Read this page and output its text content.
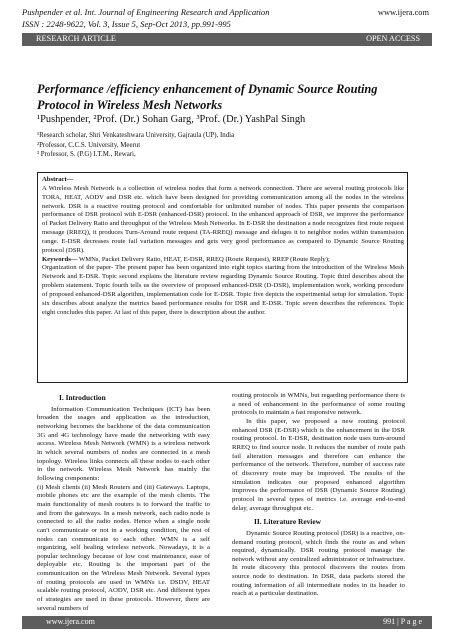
Pushpender et al. Int. Journal of Engineering Research and Application
ISSN : 2248-9622, Vol. 3, Issue 5, Sep-Oct 2013, pp.991-995
www.ijera.com
RESEARCH ARTICLE	OPEN ACCESS
Performance /efficiency enhancement of Dynamic Source Routing Protocol in Wireless Mesh Networks
¹Pushpender, ²Prof. (Dr.) Sohan Garg, ³Prof. (Dr.) YashPal Singh
¹Research scholar, Shri Venkateshwara University, Gajraula (UP), India
²Professor, C.C.S. University, Meerut
³ Professor, S. (P.G) I.T.M., Rewari,

Abstract—

A Wireless Mesh Network is a collection of wireless nodes that form a network connection. There are several routing protocols like TORA, HEAT, AODV and DSR etc. which have been designed for providing communication among all the nodes in the wireless network. DSR is a reactive routing protocol and comfortable for unlimited number of nodes. This paper presents the comparison performance of DSR protocol with E-DSR (enhanced-DSR) protocol. In the enhanced approach of DSR, we improve the performance of Packet Delivery Ratio and throughput of the Wireless Mesh Networks. In E-DSR the destination a node recognizes first route request message (RREQ), it produces Turn-Around route request (TA-RREQ) message and deluges it to neighbor nodes within transmission range. E-DSR decreases route fail variation messages and gets very good performance as compared to Dynamic Source Routing protocol (DSR).

Keywords— WMNs, Packet Delivery Ratio, HEAT, E-DSR, RREQ (Route Request), RREP (Route Reply);

Organization of the paper- The present paper has been organized into eight topics starting from the introduction of the Wireless Mesh Network and E-DSR. Topic second explains the literature review regarding Dynamic Source Routing. Topic third describes about the problem statement. Topic fourth tells us the overview of proposed enhanced-DSR (D-DSR), implementation work, working procedure of proposed enhanced-DSR algorithm, implementation code for E-DSR. Topic five depicts the experimental setup for simulation. Topic six describes about analyze the metrics based performance results for DSR and E-DSR. Topic seven describes the references. Topic eight concludes this paper. At last of this paper, there is description about the author.

I. Introduction

Information Communication Techniques (ICT) has been broaden the usages and application as the introduction, networking becomes the backbone of the data communication 3G and 4G technology have made the networking with easy access. Wireless Mesh Network (WMN) is a wireless network in which several numbers of nodes are connected in a mesh topology. Wireless links connects all these nodes to each other in the network. Wireless Mesh Network has mainly the following components:

(i) Mesh clients (ii) Mesh Routers and (iii) Gateways. Laptops, mobile phones etc are the example of the mesh clients. The main functionality of mesh routers is to forward the traffic to and from the gateways. In a mesh network, each radio node is connected to all the radio nodes. Hence when a single node can't communicate or not in a working condition, the rest of nodes can communicate to each other. WMN is a self organizing, self healing wireless network. Nowadays, it is a popular technology because of low cost maintenance, ease of deployable etc. Routing is the important part of the communication on the Wireless Mesh Network. Several types of routing protocols are used in WMNs i.e. DSDV, HEAT scalable routing protocol, AODV, DSR etc. And different types of strategies are used in these protocols. However, there are several numbers of

routing protocols in WMNs, but regarding performance there is a need of enhancement in the performance of some routing protocols to maintain a fast responsive network.

In this paper, we proposed a new routing protocol enhanced DSR (E-DSR) which is the enhancement in the DSR routing protocol. In E-DSR, destination node uses turn-around RREQ to find source node. It reduces the number of route path fail alteration messages and therefore can enhance the performance of the network. Therefore, number of success rate of discovery route may be improved. The results of the simulation indicates our proposed enhanced algorithm improves the performance of DSR (Dynamic Source Routing) protocol in several types of metrics i.e. average end-to-end delay, average throughput etc.

II. Literature Review

Dynamic Source Routing protocol (DSR) is a reactive, on-demand routing protocol, which finds the route as and when required, dynamically. DSR routing protocol manage the network without any centralized administrator or infrastructure. In route discovery this protocol discovers the routes from source node to destination. In DSR, data packets stored the routing information of all intermediate nodes in its header to reach at a particular destination.

www.ijera.com	991 | P a g e
